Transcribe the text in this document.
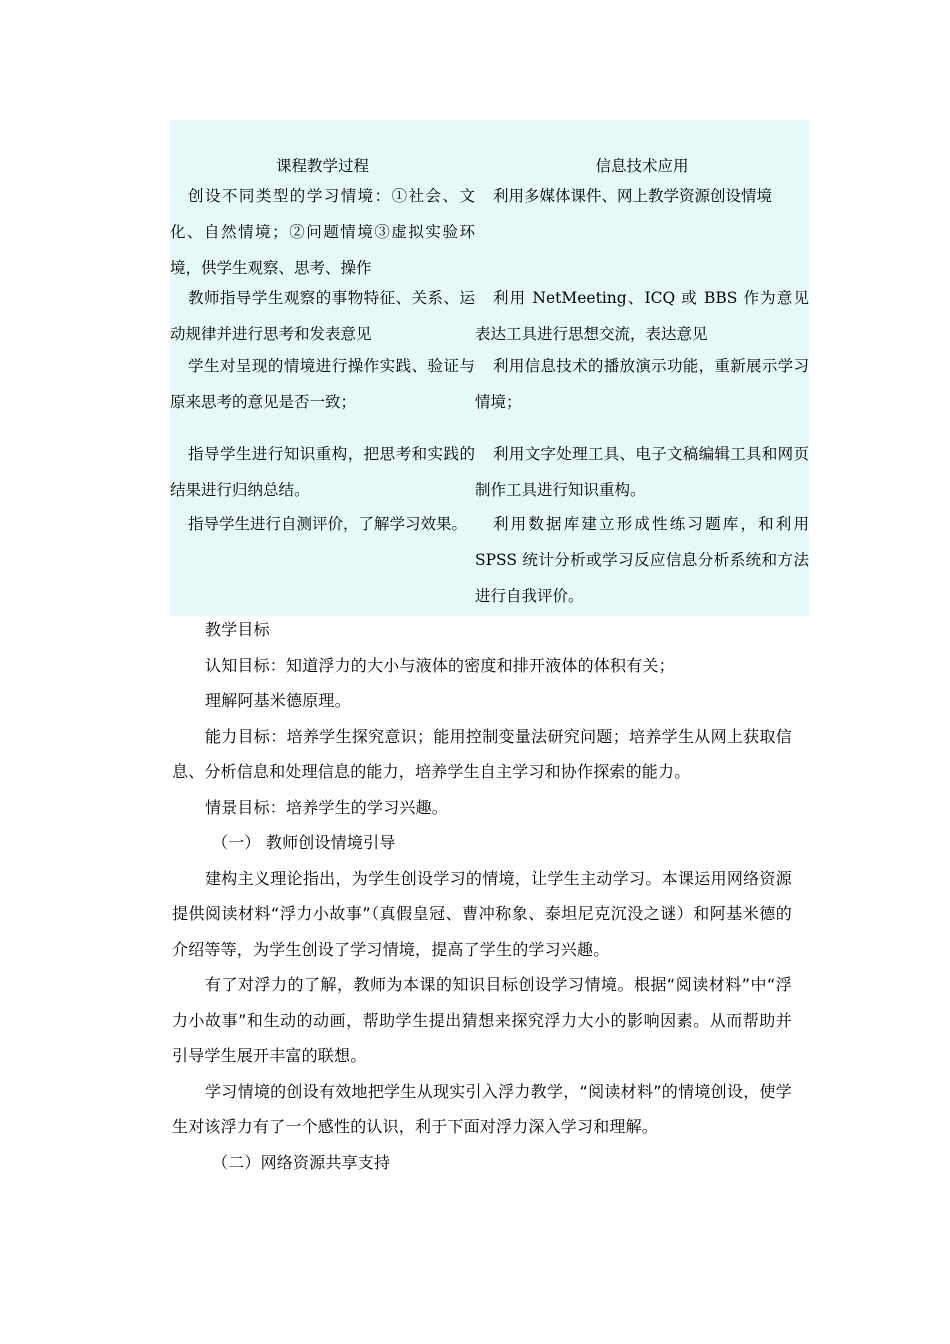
课程教学过程	信息技术应用

创设不同类型的学习情境：①社会、文化、自然情境；②问题情境③虚拟实验环境，供学生观察、思考、操作

利用多媒体课件、网上教学资源创设情境

教师指导学生观察的事物特征、关系、运动规律并进行思考和发表意见

利用 NetMeeting、ICQ 或 BBS 作为意见表达工具进行思想交流，表达意见

学生对呈现的情境进行操作实践、验证与原来思考的意见是否一致；

利用信息技术的播放演示功能，重新展示学习情境；

指导学生进行知识重构，把思考和实践的结果进行归纳总结。

利用文字处理工具、电子文稿编辑工具和网页制作工具进行知识重构。

指导学生进行自测评价，了解学习效果。	利用数据库建立形成性练习题库，和利用 SPSS 统计分析或学习反应信息分析系统和方法进行自我评价。

教学目标

认知目标：知道浮力的大小与液体的密度和排开液体的体积有关；

理解阿基米德原理。

能力目标：培养学生探究意识；能用控制变量法研究问题；培养学生从网上获取信息、分析信息和处理信息的能力，培养学生自主学习和协作探索的能力。

情景目标：培养学生的学习兴趣。

（一） 教师创设情境引导

建构主义理论指出，为学生创设学习的情境，让学生主动学习。本课运用网络资源提供阅读材料“浮力小故事”（真假皇冠、曹冲称象、泰坦尼克沉没之谜）和阿基米德的介绍等等，为学生创设了学习情境，提高了学生的学习兴趣。

有了对浮力的了解，教师为本课的知识目标创设学习情境。根据“阅读材料”中“浮力小故事”和生动的动画，帮助学生提出猜想来探究浮力大小的影响因素。从而帮助并引导学生展开丰富的联想。

学习情境的创设有效地把学生从现实引入浮力教学，“阅读材料”的情境创设，使学生对该浮力有了一个感性的认识，利于下面对浮力深入学习和理解。

（二）网络资源共享支持
